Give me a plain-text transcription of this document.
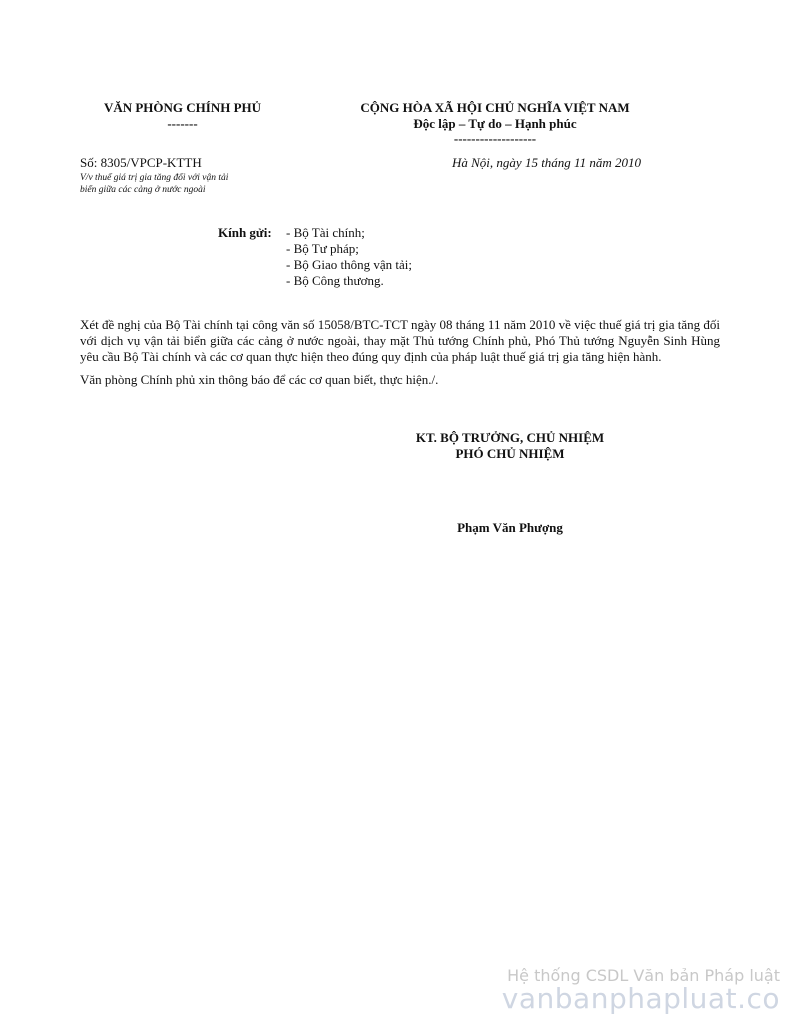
VĂN PHÒNG CHÍNH PHỦ
-------
CỘNG HÒA XÃ HỘI CHỦ NGHĨA VIỆT NAM
Độc lập – Tự do – Hạnh phúc
-------------------
Số: 8305/VPCP-KTTH
V/v thuế giá trị gia tăng đối với vận tải
biển giữa các cảng ở nước ngoài
Hà Nội, ngày 15 tháng 11 năm 2010
Kính gửi: - Bộ Tài chính;
- Bộ Tư pháp;
- Bộ Giao thông vận tải;
- Bộ Công thương.

Xét đề nghị của Bộ Tài chính tại công văn số 15058/BTC-TCT ngày 08 tháng 11 năm 2010 về việc thuế giá trị gia tăng đối với dịch vụ vận tải biển giữa các cảng ở nước ngoài, thay mặt Thủ tướng Chính phủ, Phó Thủ tướng Nguyễn Sinh Hùng yêu cầu Bộ Tài chính và các cơ quan thực hiện theo đúng quy định của pháp luật thuế giá trị gia tăng hiện hành.

Văn phòng Chính phủ xin thông báo để các cơ quan biết, thực hiện./.

KT. BỘ TRƯỞNG, CHỦ NHIỆM
PHÓ CHỦ NHIỆM
Phạm Văn Phượng
Hệ thống CSDL Văn bản Pháp luật
vanbanphapluat.co
